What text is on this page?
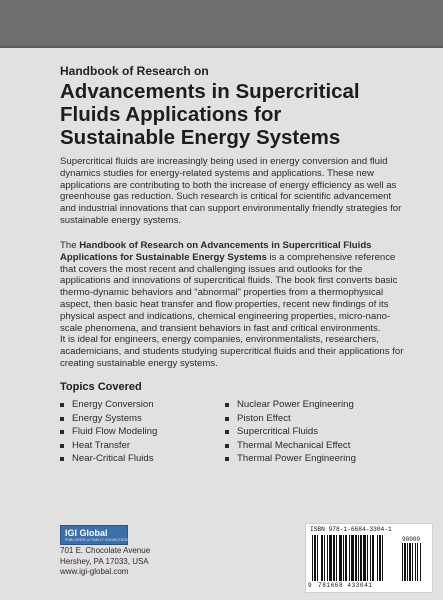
Handbook of Research on
Advancements in Supercritical
Fluids Applications for
Sustainable Energy Systems
Supercritical fluids are increasingly being used in energy conversion and fluid
dynamics studies for energy-related systems and applications. These new
applications are contributing to both the increase of energy efficiency as well as
greenhouse gas reduction. Such research is critical for scientific advancement
and industrial innovations that can support environmentally friendly strategies for
sustainable energy systems.
The Handbook of Research on Advancements in Supercritical Fluids
Applications for Sustainable Energy Systems is a comprehensive reference
that covers the most recent and challenging issues and outlooks for the
applications and innovations of supercritical fluids. The book first converts basic
thermo-dynamic behaviors and “abnormal” properties from a thermophysical
aspect, then basic heat transfer and flow properties, recent new findings of its
physical aspect and indications, chemical engineering properties, micro-nano-
scale phenomena, and transient behaviors in fast and critical environments.
It is ideal for engineers, energy companies, environmentalists, researchers,
academicians, and students studying supercritical fluids and their applications for
creating sustainable energy systems.
Topics Covered
Energy Conversion
Energy Systems
Fluid Flow Modeling
Heat Transfer
Near-Critical Fluids
Nuclear Power Engineering
Piston Effect
Supercritical Fluids
Thermal Mechanical Effect
Thermal Power Engineering
IGI Global
PUBLISHER of TIMELY KNOWLEDGE
701 E. Chocolate Avenue
Hershey, PA 17033, USA
www.igi-global.com
ISBN 978-1-6684-3304-1
90000
9 781668 433041
